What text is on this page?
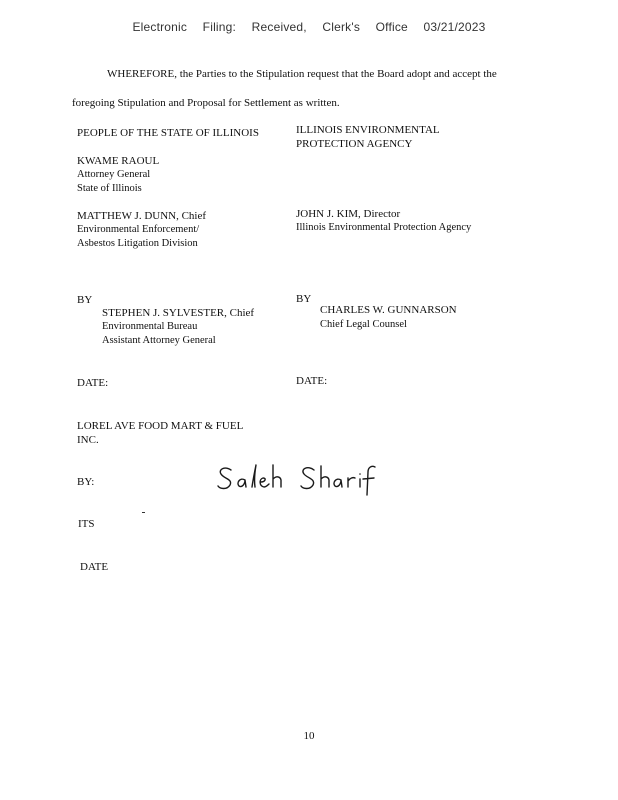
Electronic Filing: Received, Clerk's Office 03/21/2023
WHEREFORE, the Parties to the Stipulation request that the Board adopt and accept the
foregoing Stipulation and Proposal for Settlement as written.
PEOPLE OF THE STATE OF ILLINOIS
KWAME RAOUL
Attorney General
State of Illinois
MATTHEW J. DUNN, Chief
Environmental Enforcement/
Asbestos Litigation Division
BY
STEPHEN J. SYLVESTER, Chief
Environmental Bureau
Assistant Attorney General
DATE:
ILLINOIS ENVIRONMENTAL
PROTECTION AGENCY
JOHN J. KIM, Director
Illinois Environmental Protection Agency
BY
CHARLES W. GUNNARSON
Chief Legal Counsel
DATE:
LOREL AVE FOOD MART & FUEL
INC.
BY:
ITS
DATE
10
